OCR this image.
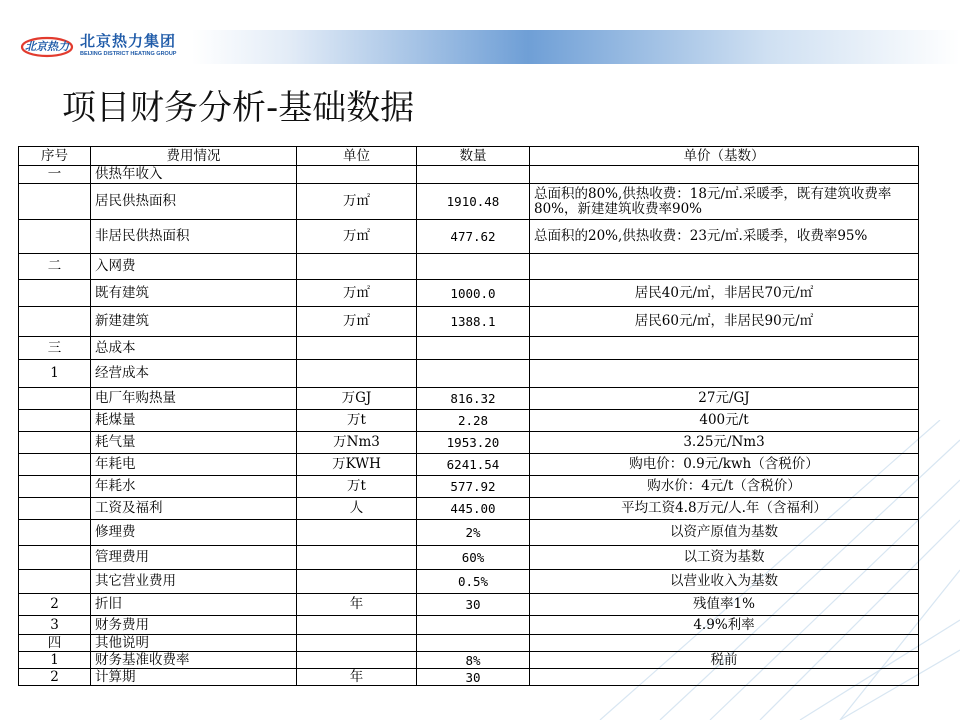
北京热力 北京热力集团
BEIJING DISTRICT HEATING GROUP
项目财务分析-基础数据
序号	费用情况	单位	数量	单价（基数）
一	供热年收入			
	居民供热面积	万㎡	1910.48	总面积的80%,供热收费：18元/㎡.采暖季，既有建筑收费率80%，新建建筑收费率90%
	非居民供热面积	万㎡	477.62	总面积的20%,供热收费：23元/㎡.采暖季，收费率95%
二	入网费			
	既有建筑	万㎡	1000.0	居民40元/㎡，非居民70元/㎡
	新建建筑	万㎡	1388.1	居民60元/㎡，非居民90元/㎡
三	总成本			
1	经营成本			
	电厂年购热量	万GJ	816.32	27元/GJ
	耗煤量	万t	2.28	400元/t
	耗气量	万Nm3	1953.20	3.25元/Nm3
	年耗电	万KWH	6241.54	购电价：0.9元/kwh（含税价）
	年耗水	万t	577.92	购水价：4元/t（含税价）
	工资及福利	人	445.00	平均工资4.8万元/人.年（含福利）
	修理费		2%	以资产原值为基数
	管理费用		60%	以工资为基数
	其它营业费用		0.5%	以营业收入为基数
2	折旧	年	30	残值率1%
3	财务费用			4.9%利率
四	其他说明			
1	财务基准收费率		8%	税前
2	计算期	年	30	
